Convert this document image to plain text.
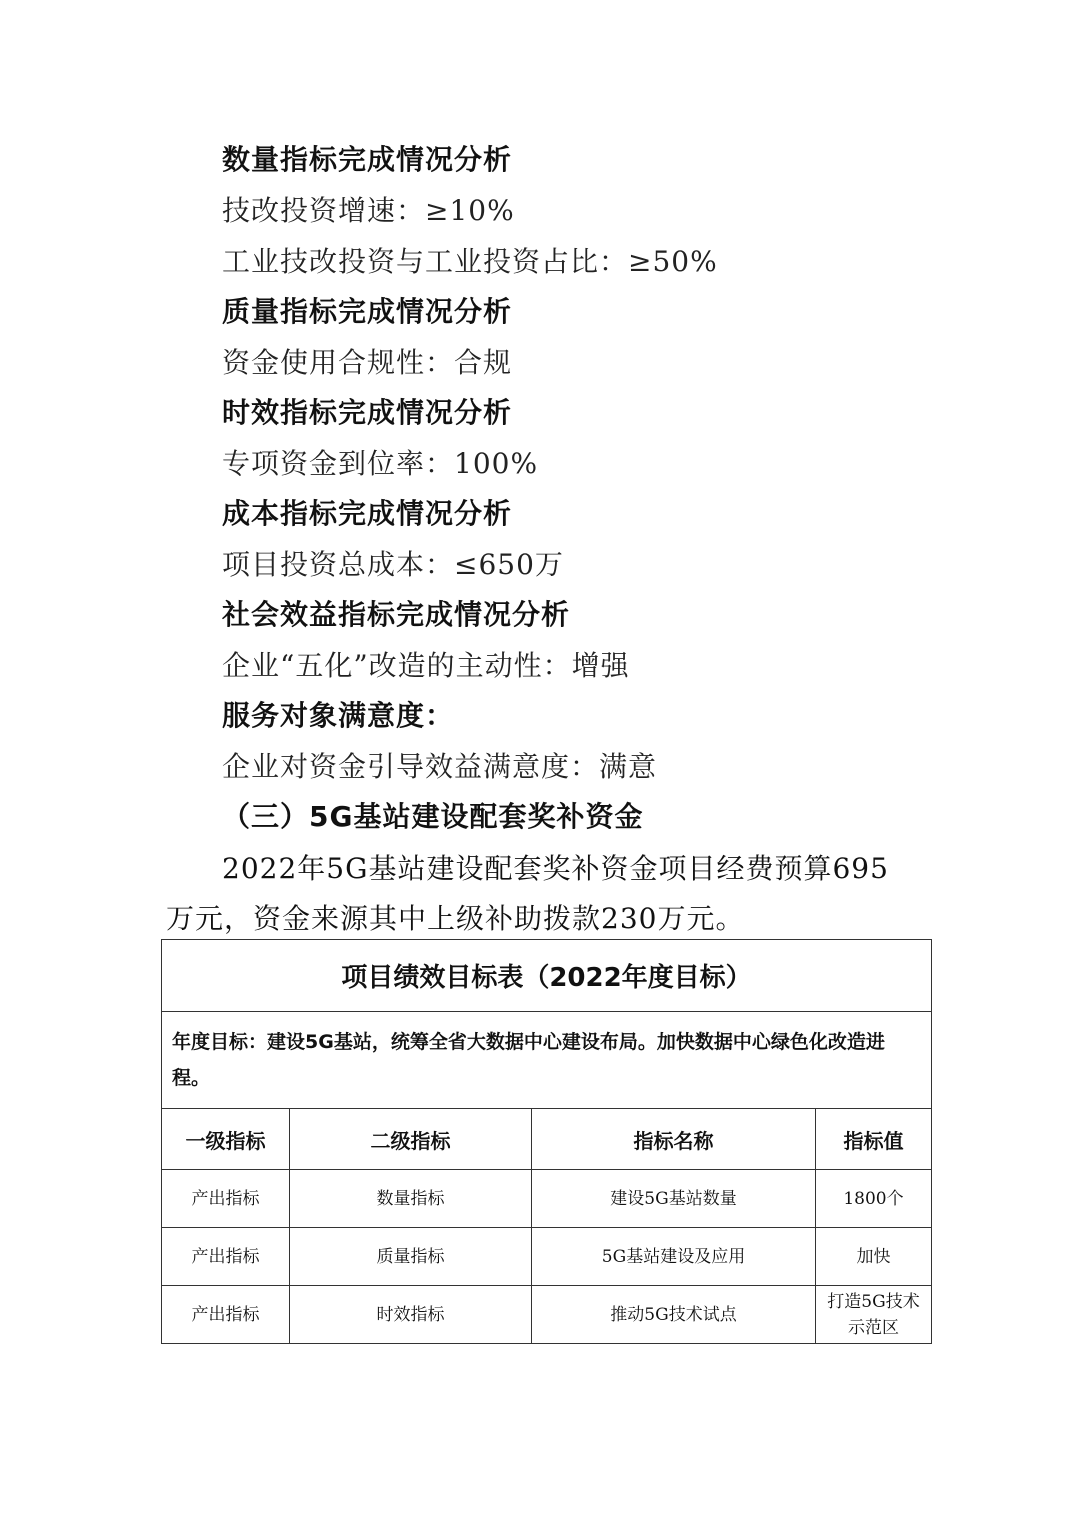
数量指标完成情况分析
技改投资增速：≥10%
工业技改投资与工业投资占比：≥50%
质量指标完成情况分析
资金使用合规性：合规
时效指标完成情况分析
专项资金到位率：100%
成本指标完成情况分析
项目投资总成本：≤650万
社会效益指标完成情况分析
企业“五化”改造的主动性：增强
服务对象满意度：
企业对资金引导效益满意度：满意
（三）5G基站建设配套奖补资金
2022年5G基站建设配套奖补资金项目经费预算695万元，资金来源其中上级补助拨款230万元。
项目绩效目标表（2022年度目标）			
年度目标：建设5G基站，统筹全省大数据中心建设布局。加快数据中心绿色化改造进程。			
一级指标	二级指标	指标名称	指标值
产出指标	数量指标	建设5G基站数量	1800个
产出指标	质量指标	5G基站建设及应用	加快
产出指标	时效指标	推动5G技术试点	打造5G技术示范区
